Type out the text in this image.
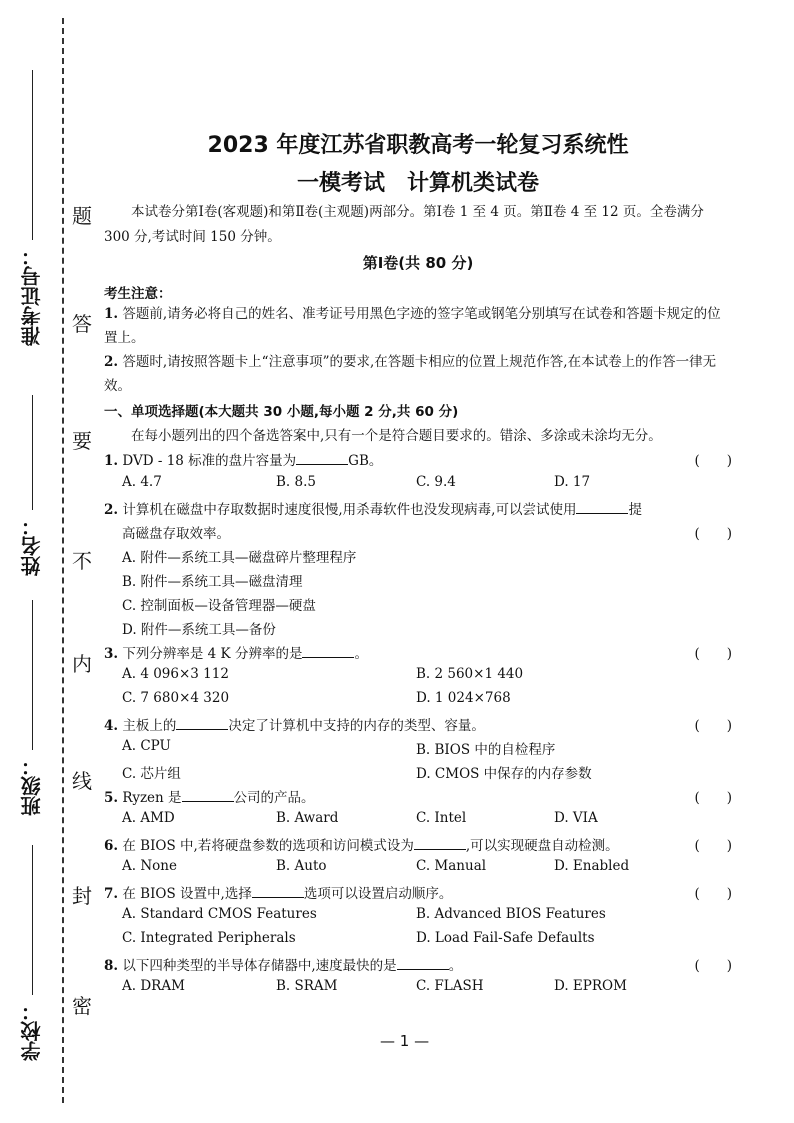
准考证号：
姓名：
班级：
学校：
题
答
要
不
内
线
封
密
2023 年度江苏省职教高考一轮复习系统性
一模考试　计算机类试卷
本试卷分第Ⅰ卷(客观题)和第Ⅱ卷(主观题)两部分。第Ⅰ卷 1 至 4 页。第Ⅱ卷 4 至 12 页。全卷满分 300 分,考试时间 150 分钟。
第Ⅰ卷(共 80 分)
考生注意：
1. 答题前,请务必将自己的姓名、准考证号用黑色字迹的签字笔或钢笔分别填写在试卷和答题卡规定的位置上。
2. 答题时,请按照答题卡上“注意事项”的要求,在答题卡相应的位置上规范作答,在本试卷上的作答一律无效。
一、单项选择题(本大题共 30 小题,每小题 2 分,共 60 分)
在每小题列出的四个备选答案中,只有一个是符合题目要求的。错涂、多涂或未涂均无分。
1. DVD - 18 标准的盘片容量为	GB。	(　　)
A. 4.7	B. 8.5	C. 9.4	D. 17
2. 计算机在磁盘中存取数据时速度很慢,用杀毒软件也没发现病毒,可以尝试使用	提
高磁盘存取效率。	(　　)
A. 附件—系统工具—磁盘碎片整理程序
B. 附件—系统工具—磁盘清理
C. 控制面板—设备管理器—硬盘
D. 附件—系统工具—备份
3. 下列分辨率是 4 K 分辨率的是	。	(　　)
A. 4 096×3 112	B. 2 560×1 440
C. 7 680×4 320	D. 1 024×768
4. 主板上的	决定了计算机中支持的内存的类型、容量。	(　　)
A. CPU	B. BIOS 中的自检程序
C. 芯片组	D. CMOS 中保存的内存参数
5. Ryzen 是	公司的产品。	(　　)
A. AMD	B. Award	C. Intel	D. VIA
6. 在 BIOS 中,若将硬盘参数的选项和访问模式设为	,可以实现硬盘自动检测。	(　　)
A. None	B. Auto	C. Manual	D. Enabled
7. 在 BIOS 设置中,选择	选项可以设置启动顺序。	(　　)
A. Standard CMOS Features	B. Advanced BIOS Features
C. Integrated Peripherals	D. Load Fail-Safe Defaults
8. 以下四种类型的半导体存储器中,速度最快的是	。	(　　)
A. DRAM	B. SRAM	C. FLASH	D. EPROM
— 1 —
